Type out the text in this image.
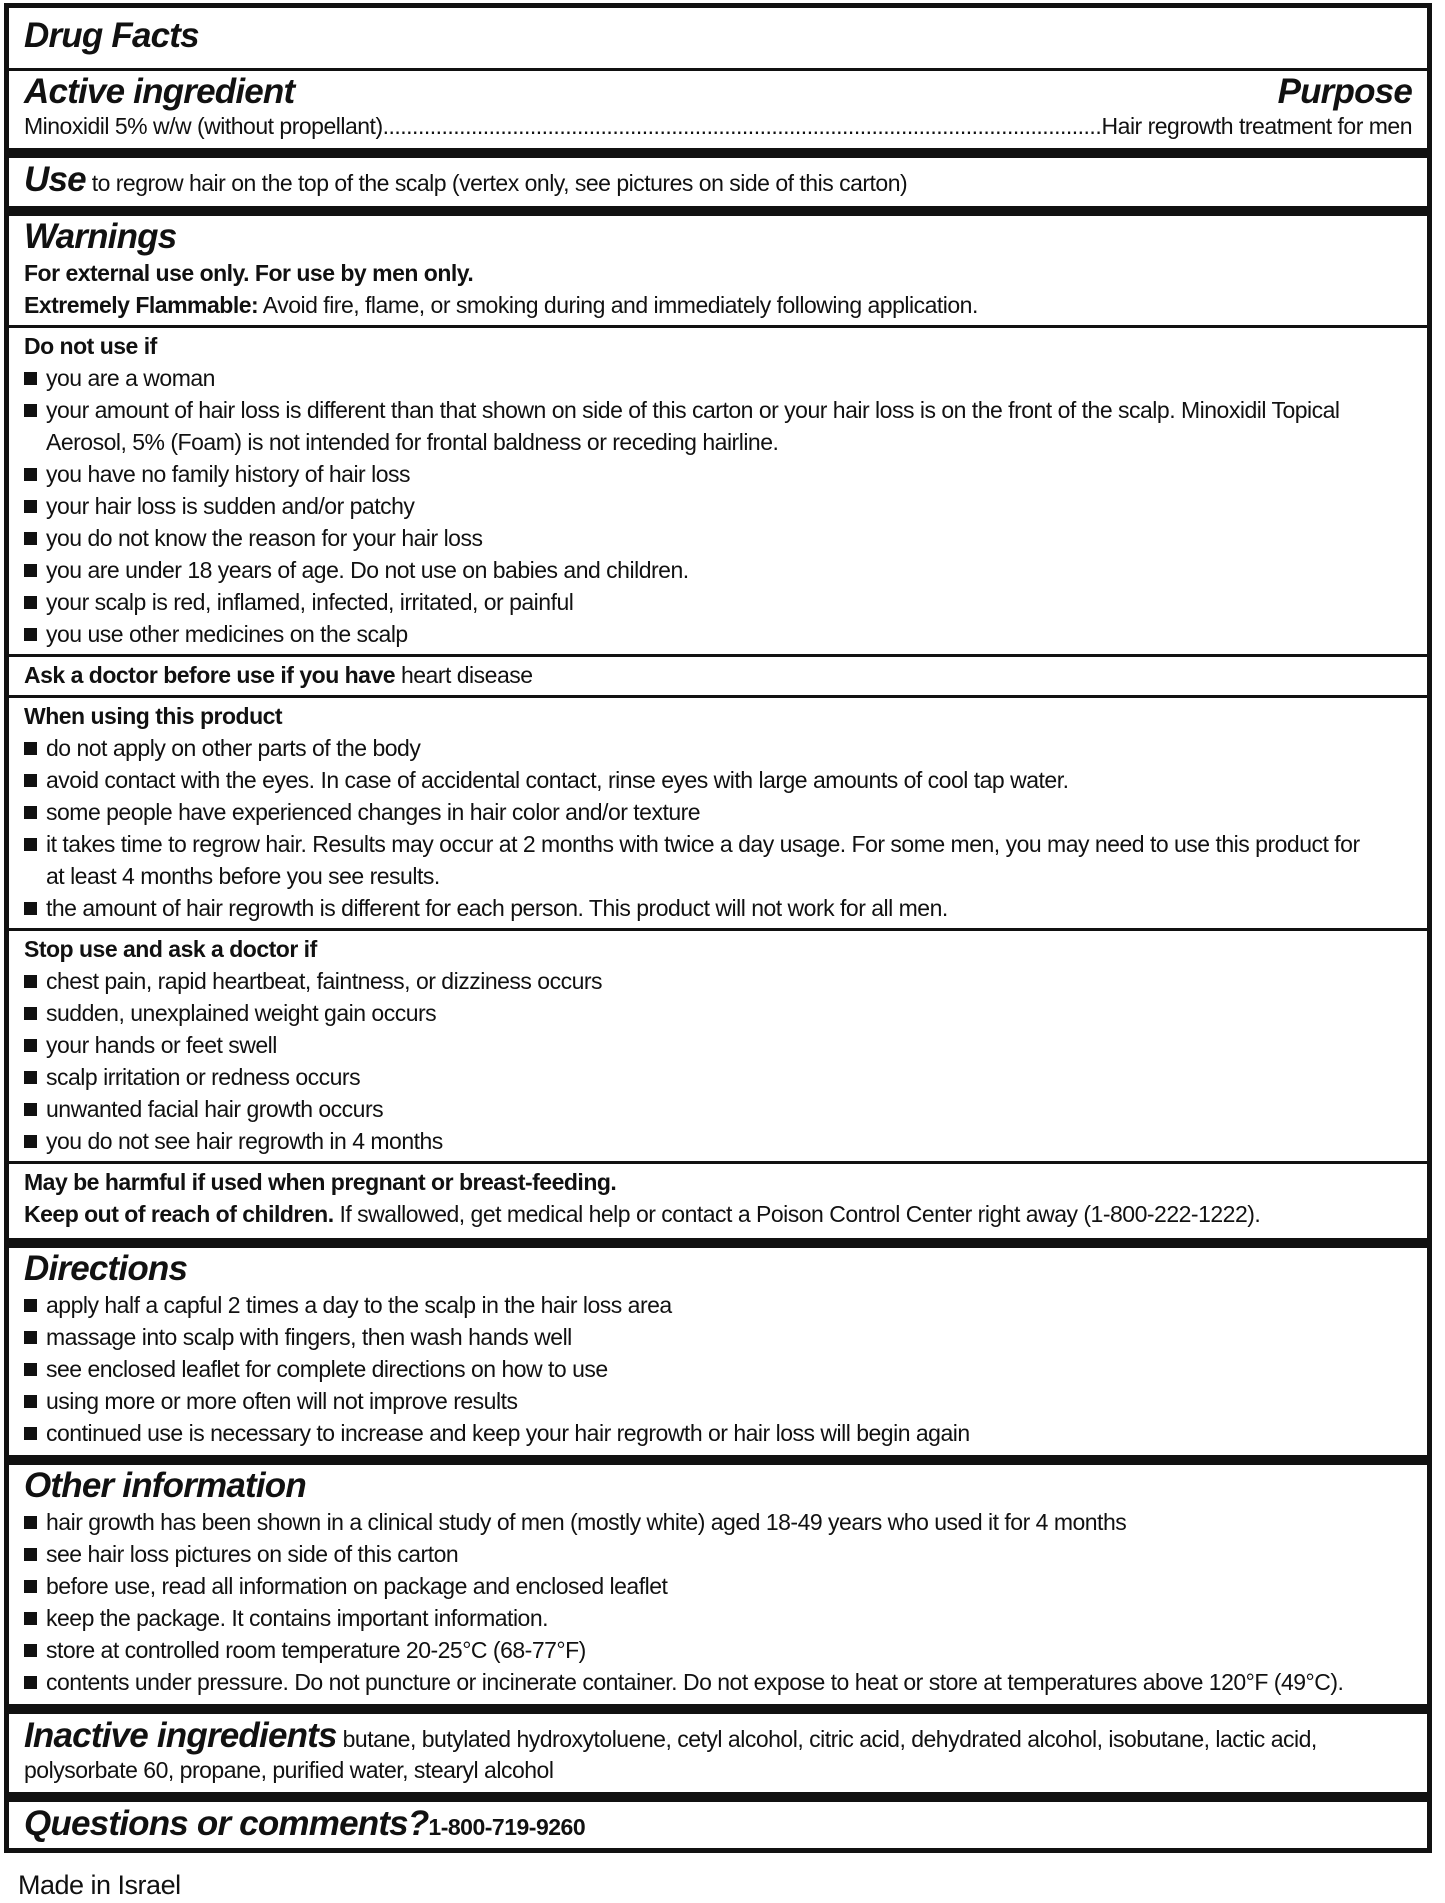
Drug Facts
Active ingredient	Purpose
Minoxidil 5% w/w (without propellant)
.....	Hair regrowth treatment for men
Use to regrow hair on the top of the scalp (vertex only, see pictures on side of this carton)
Warnings
For external use only. For use by men only.
Extremely Flammable: Avoid fire, flame, or smoking during and immediately following application.
Do not use if
you are a woman
your amount of hair loss is different than that shown on side of this carton or your hair loss is on the front of the scalp. Minoxidil Topical
Aerosol, 5% (Foam) is not intended for frontal baldness or receding hairline.
you have no family history of hair loss
your hair loss is sudden and/or patchy
you do not know the reason for your hair loss
you are under 18 years of age. Do not use on babies and children.
your scalp is red, inflamed, infected, irritated, or painful
you use other medicines on the scalp
Ask a doctor before use if you have heart disease
When using this product
do not apply on other parts of the body
avoid contact with the eyes. In case of accidental contact, rinse eyes with large amounts of cool tap water.
some people have experienced changes in hair color and/or texture
it takes time to regrow hair. Results may occur at 2 months with twice a day usage. For some men, you may need to use this product for
at least 4 months before you see results.
the amount of hair regrowth is different for each person. This product will not work for all men.
Stop use and ask a doctor if
chest pain, rapid heartbeat, faintness, or dizziness occurs
sudden, unexplained weight gain occurs
your hands or feet swell
scalp irritation or redness occurs
unwanted facial hair growth occurs
you do not see hair regrowth in 4 months
May be harmful if used when pregnant or breast-feeding.
Keep out of reach of children. If swallowed, get medical help or contact a Poison Control Center right away (1-800-222-1222).
Directions
apply half a capful 2 times a day to the scalp in the hair loss area
massage into scalp with fingers, then wash hands well
see enclosed leaflet for complete directions on how to use
using more or more often will not improve results
continued use is necessary to increase and keep your hair regrowth or hair loss will begin again
Other information
hair growth has been shown in a clinical study of men (mostly white) aged 18-49 years who used it for 4 months
see hair loss pictures on side of this carton
before use, read all information on package and enclosed leaflet
keep the package. It contains important information.
store at controlled room temperature 20-25°C (68-77°F)
contents under pressure. Do not puncture or incinerate container. Do not expose to heat or store at temperatures above 120°F (49°C).
Inactive ingredients butane, butylated hydroxytoluene, cetyl alcohol, citric acid, dehydrated alcohol, isobutane, lactic acid,
polysorbate 60, propane, purified water, stearyl alcohol
Questions or comments?1-800-719-9260
Made in Israel
